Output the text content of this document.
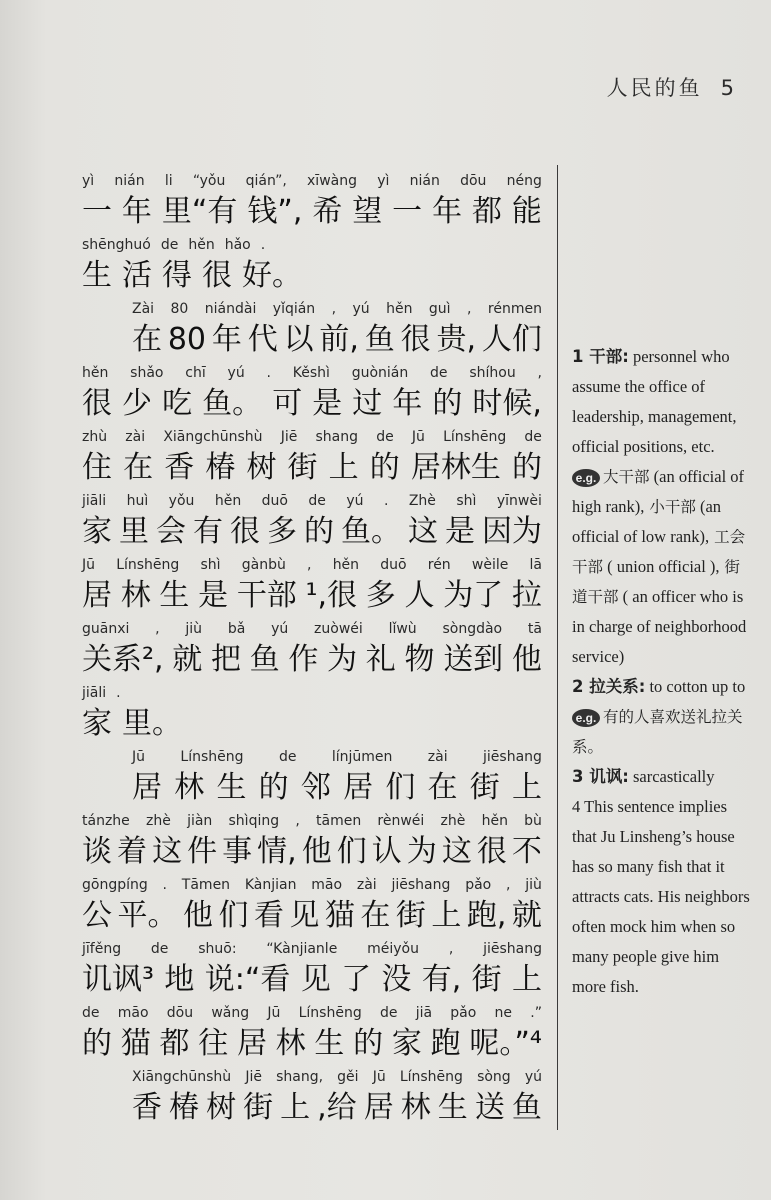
人民的鱼 5
yì nián li “yǒu qián”, xīwàng yì nián dōu néng
一 年 里“有 钱”, 希 望 一 年 都 能
shēnghuó de hěn hǎo .
生 活 得 很 好。
Zài 80 niándài yǐqián , yú hěn guì , rénmen
在 80 年 代 以 前, 鱼 很 贵, 人们
hěn shǎo chī yú . Kěshì guònián de shíhou ,
很 少 吃 鱼。 可 是 过 年 的 时候,
zhù zài Xiāngchūnshù Jiē shang de Jū Línshēng de
住 在 香 椿 树 街 上 的 居林生 的
jiāli huì yǒu hěn duō de yú . Zhè shì yīnwèi
家 里 会 有 很 多 的 鱼。 这 是 因为
Jū Línshēng shì gànbù , hěn duō rén wèile lā
居 林 生 是 干部 ¹,很 多 人 为了 拉
guānxi , jiù bǎ yú zuòwéi lǐwù sòngdào tā
关系², 就 把 鱼 作 为 礼 物 送到 他
jiāli .
家 里。
Jū	Línshēng	de	línjūmen	zài	jiēshang
居 林 生 的 邻 居 们 在 街 上
tánzhe zhè jiàn shìqing , tāmen rènwéi zhè hěn bù
谈 着 这 件 事 情, 他 们 认 为 这 很 不
gōngpíng . Tāmen Kànjian māo zài jiēshang pǎo , jiù
公 平。 他 们 看 见 猫 在 街 上 跑, 就
jīfěng de shuō: “Kànjianle méiyǒu , jiēshang
讥讽³ 地 说:“看 见 了 没 有, 街 上
de māo dōu wǎng Jū Línshēng de jiā pǎo ne .”
的 猫 都 往 居 林 生 的 家 跑 呢。”⁴
Xiāngchūnshù Jiē shang, gěi Jū Línshēng sòng yú
香 椿 树 街 上 ,给 居 林 生 送 鱼

1 干部: personnel who assume the office of leadership, management, official positions, etc.

e.g. 大干部 (an official of high rank), 小干部 (an official of low rank), 工会干部 ( union official ), 街道干部 ( an officer who is in charge of neighborhood service)

2 拉关系: to cotton up to

e.g. 有的人喜欢送礼拉关系。

3 讥讽: sarcastically

4 This sentence implies that Ju Linsheng’s house has so many fish that it attracts cats. His neighbors often mock him when so many people give him more fish.
